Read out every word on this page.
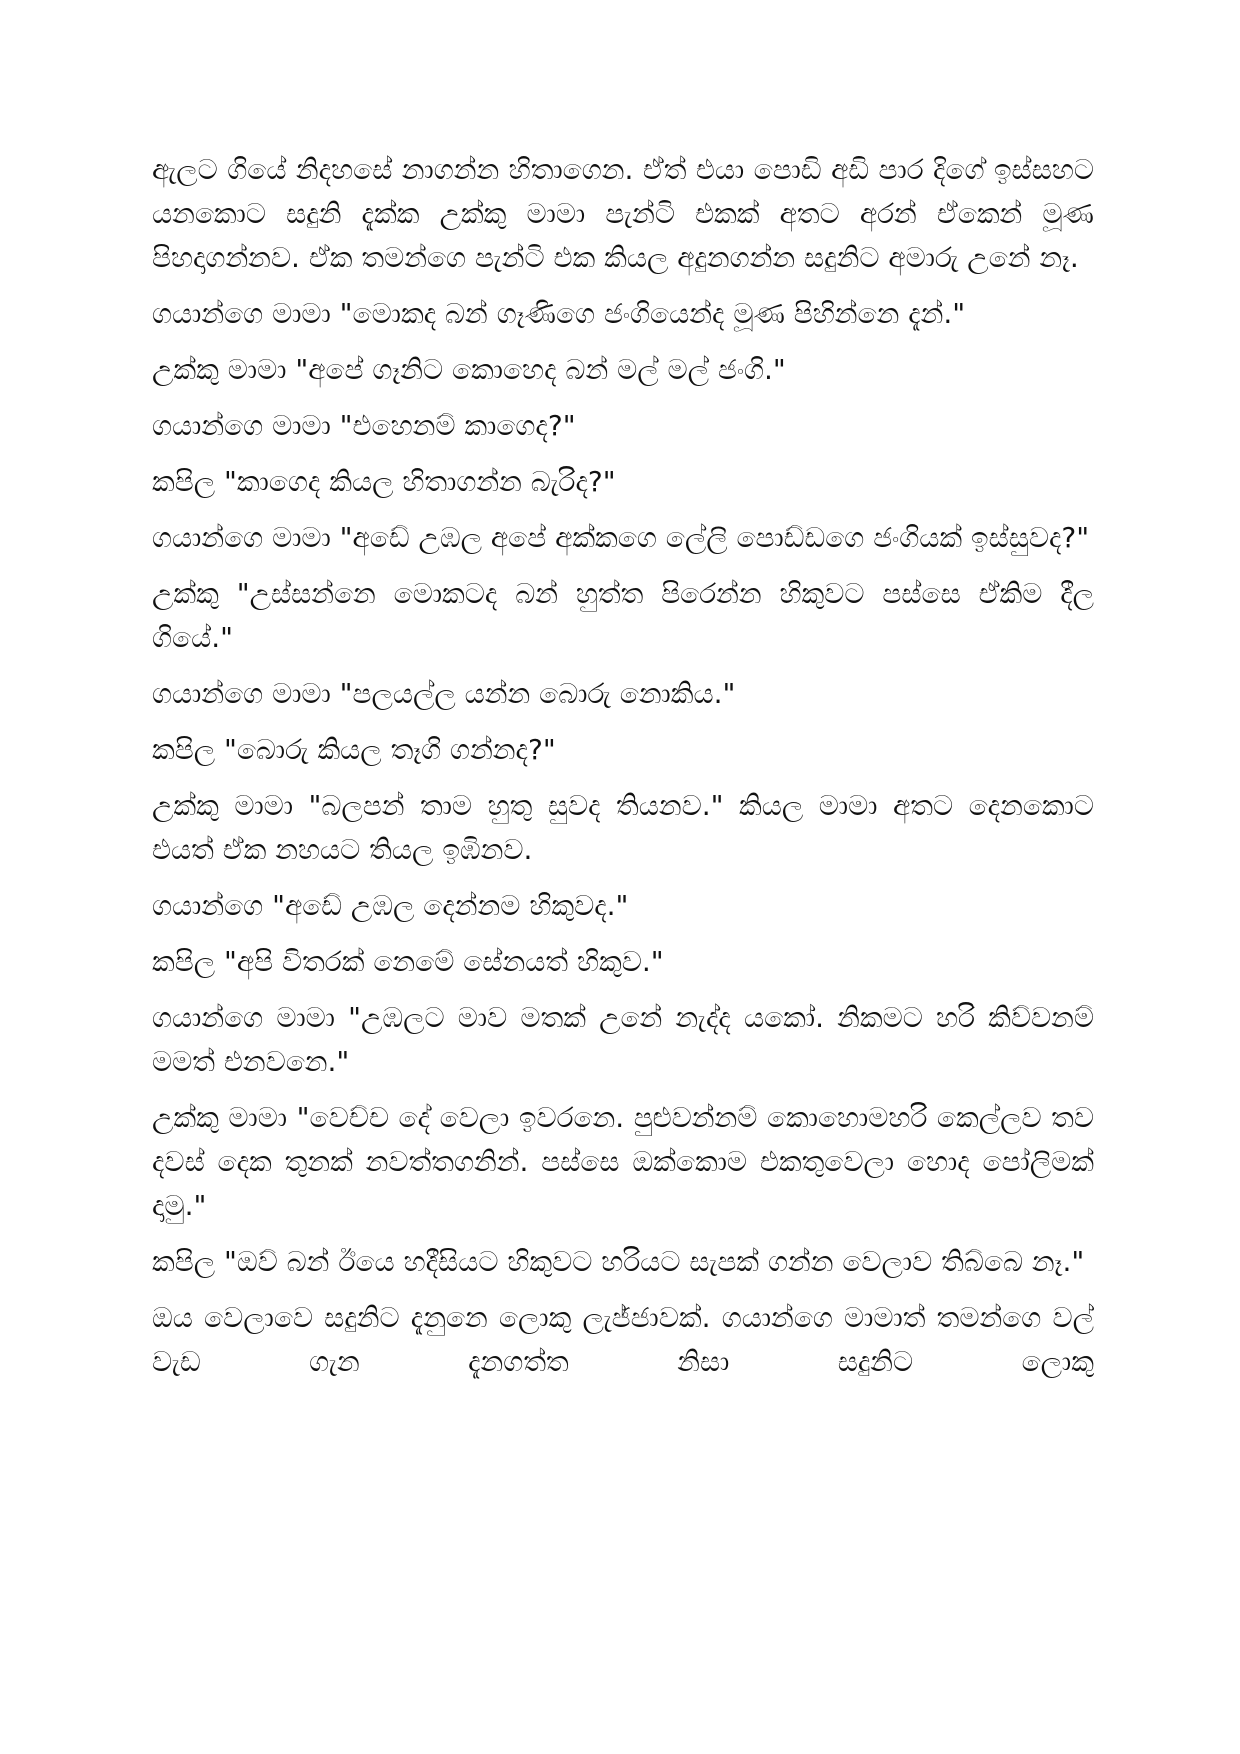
ඇලට ගියේ නිදහසේ නාගන්න හිතාගෙන. ඒත් එයා පොඩි අඩි පාර දිගේ ඉස්සහට යනකොට සදුනි දැක්ක උක්කු මාමා පැන්ටි එකක් අතට අරන් ඒකෙන් මූණ පිහදාගන්නව. ඒක තමන්ගෙ පැන්ටි එක කියල අදුනගන්න සදුනිට අමාරු උනේ නෑ.

ගයාන්ගෙ මාමා "මොකද බන් ගෑණිගෙ ජංගියෙන්ද මූණ පිහින්නෙ දැන්."

උක්කු මාමා "අපේ ගෑනිට කොහෙද බන් මල් මල් ජංගි."

ගයාන්ගෙ මාමා "එහෙනම් කාගෙද?"

කපිල "කාගෙද කියල හිතාගන්න බැරිද?"

ගයාන්ගෙ මාමා "අඩේ උඹල අපේ අක්කගෙ ලේලි පොඩ්ඩගෙ ජංගියක් ඉස්සුවද?"

උක්කු "උස්සන්නෙ මොකටද බන් හුත්ත පිරෙන්න හිකුවට පස්සෙ ඒකිම දීල ගියේ."

ගයාන්ගෙ මාමා "පලයල්ල යන්න බොරු නොකිය."

කපිල "බොරු කියල තෑගි ගන්නද?"

උක්කු මාමා "බලපන් තාම හුතු සුවද තියනව." කියල මාමා අතට දෙනකොට එයත් ඒක නහයට තියල ඉඹිනව.

ගයාන්ගෙ "අඩේ උඹල දෙන්නම හිකුවද."

කපිල "අපි විතරක් නෙමේ සේනයත් හිකුව."

ගයාන්ගෙ මාමා "උඹලට මාව මතක් උනේ නැද්ද යකෝ. නිකමට හරි කිව්වනම් මමත් එනවනෙ."

උක්කු මාමා "වෙච්ච දේ වෙලා ඉවරනෙ. පුළුවන්නම් කොහොමහරි කෙල්ලව තව දවස් දෙක තුනක් නවත්තගනින්. පස්සෙ ඔක්කොම එකතුවෙලා හොද පෝලිමක් දාමු."

කපිල "ඔව් බන් ඊයෙ හදීසියට හිකුවට හරියට සැපක් ගන්න වෙලාව තිබ්බෙ නෑ."

ඔය වෙලාවෙ සදුනිට දැනුනෙ ලොකු ලැජ්ජාවක්. ගයාන්ගෙ මාමාත් තමන්ගෙ වල් වැඩ ගැන දැනගත්ත නිසා සදුනිට ලොකු
